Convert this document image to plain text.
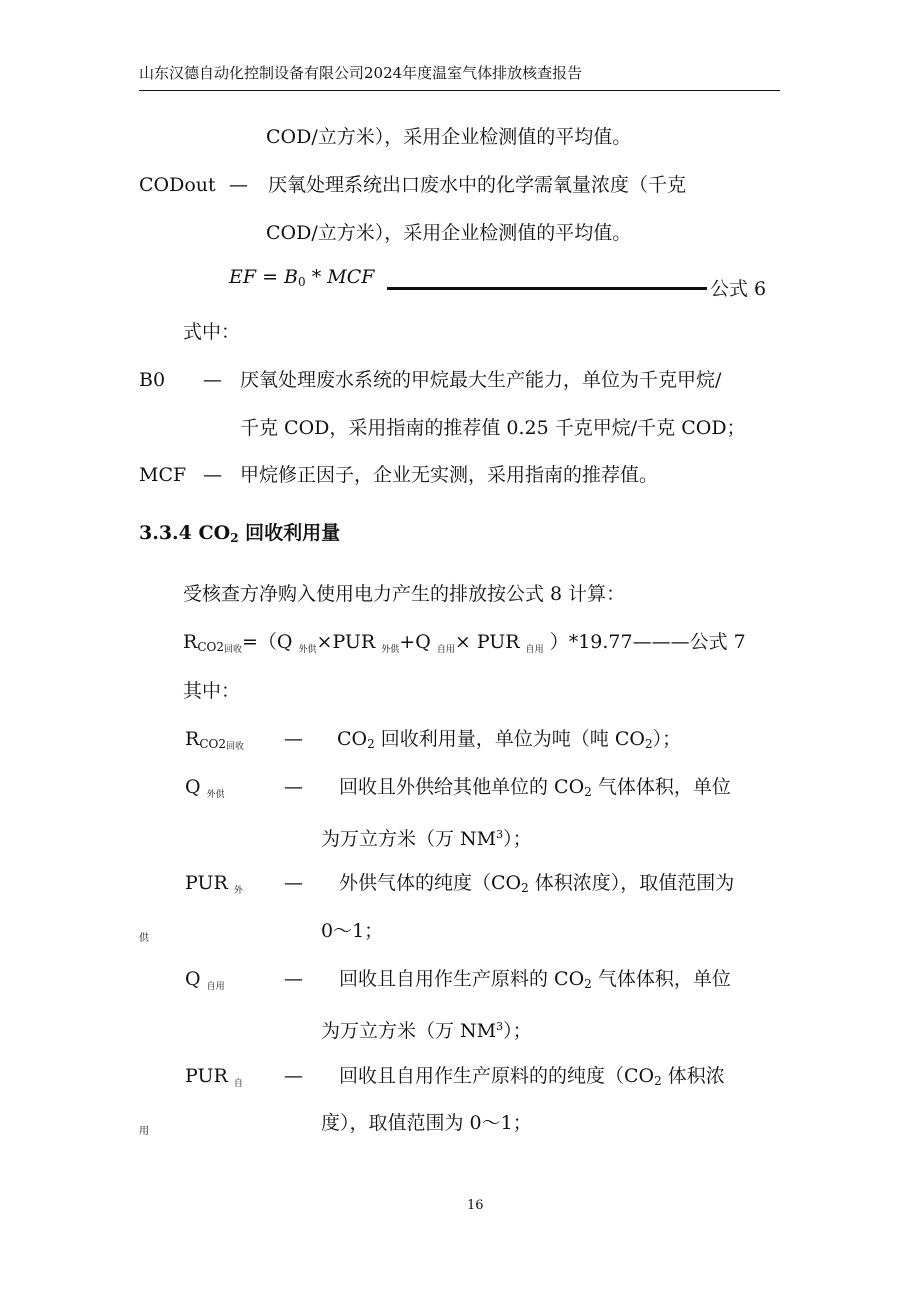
山东汉德自动化控制设备有限公司2024年度温室气体排放核查报告
COD/立方米），采用企业检测值的平均值。
CODout — 厌氧处理系统出口废水中的化学需氧量浓度（千克
COD/立方米），采用企业检测值的平均值。
EF = $B_0$ * MCF
公式 6
式中：
B0 — 厌氧处理废水系统的甲烷最大生产能力，单位为千克甲烷/
千克 COD，采用指南的推荐值 0.25 千克甲烷/千克 COD；
MCF — 甲烷修正因子，企业无实测，采用指南的推荐值。
3.3.4 $CO_2$ 回收利用量
受核查方净购入使用电力产生的排放按公式 8 计算：
$R_{CO2回收}=(Q$ $_{外供}$×PUR $_{外供}$+Q $_{自用}$× PUR $_{自用}$ ）*19.77———公式 7
其中：
$R_{CO2回收}$ — $CO_2$ 回收利用量，单位为吨（吨 $CO_2$）；
Q $_{外供}$	— 回收且外供给其他单位的 $CO_2$ 气体体积，单位
为万立方米（万 $NM^3$）；
PUR $_外$
供
— 外供气体的纯度（$CO_2$ 体积浓度），取值范围为
0～1；
Q $_{自用}$	— 回收且自用作生产原料的 $CO_2$ 气体体积，单位
为万立方米（万 $NM^3$）；
PUR $_自$
用
— 回收且自用作生产原料的的纯度（$CO_2$ 体积浓
度），取值范围为 0～1；
16
